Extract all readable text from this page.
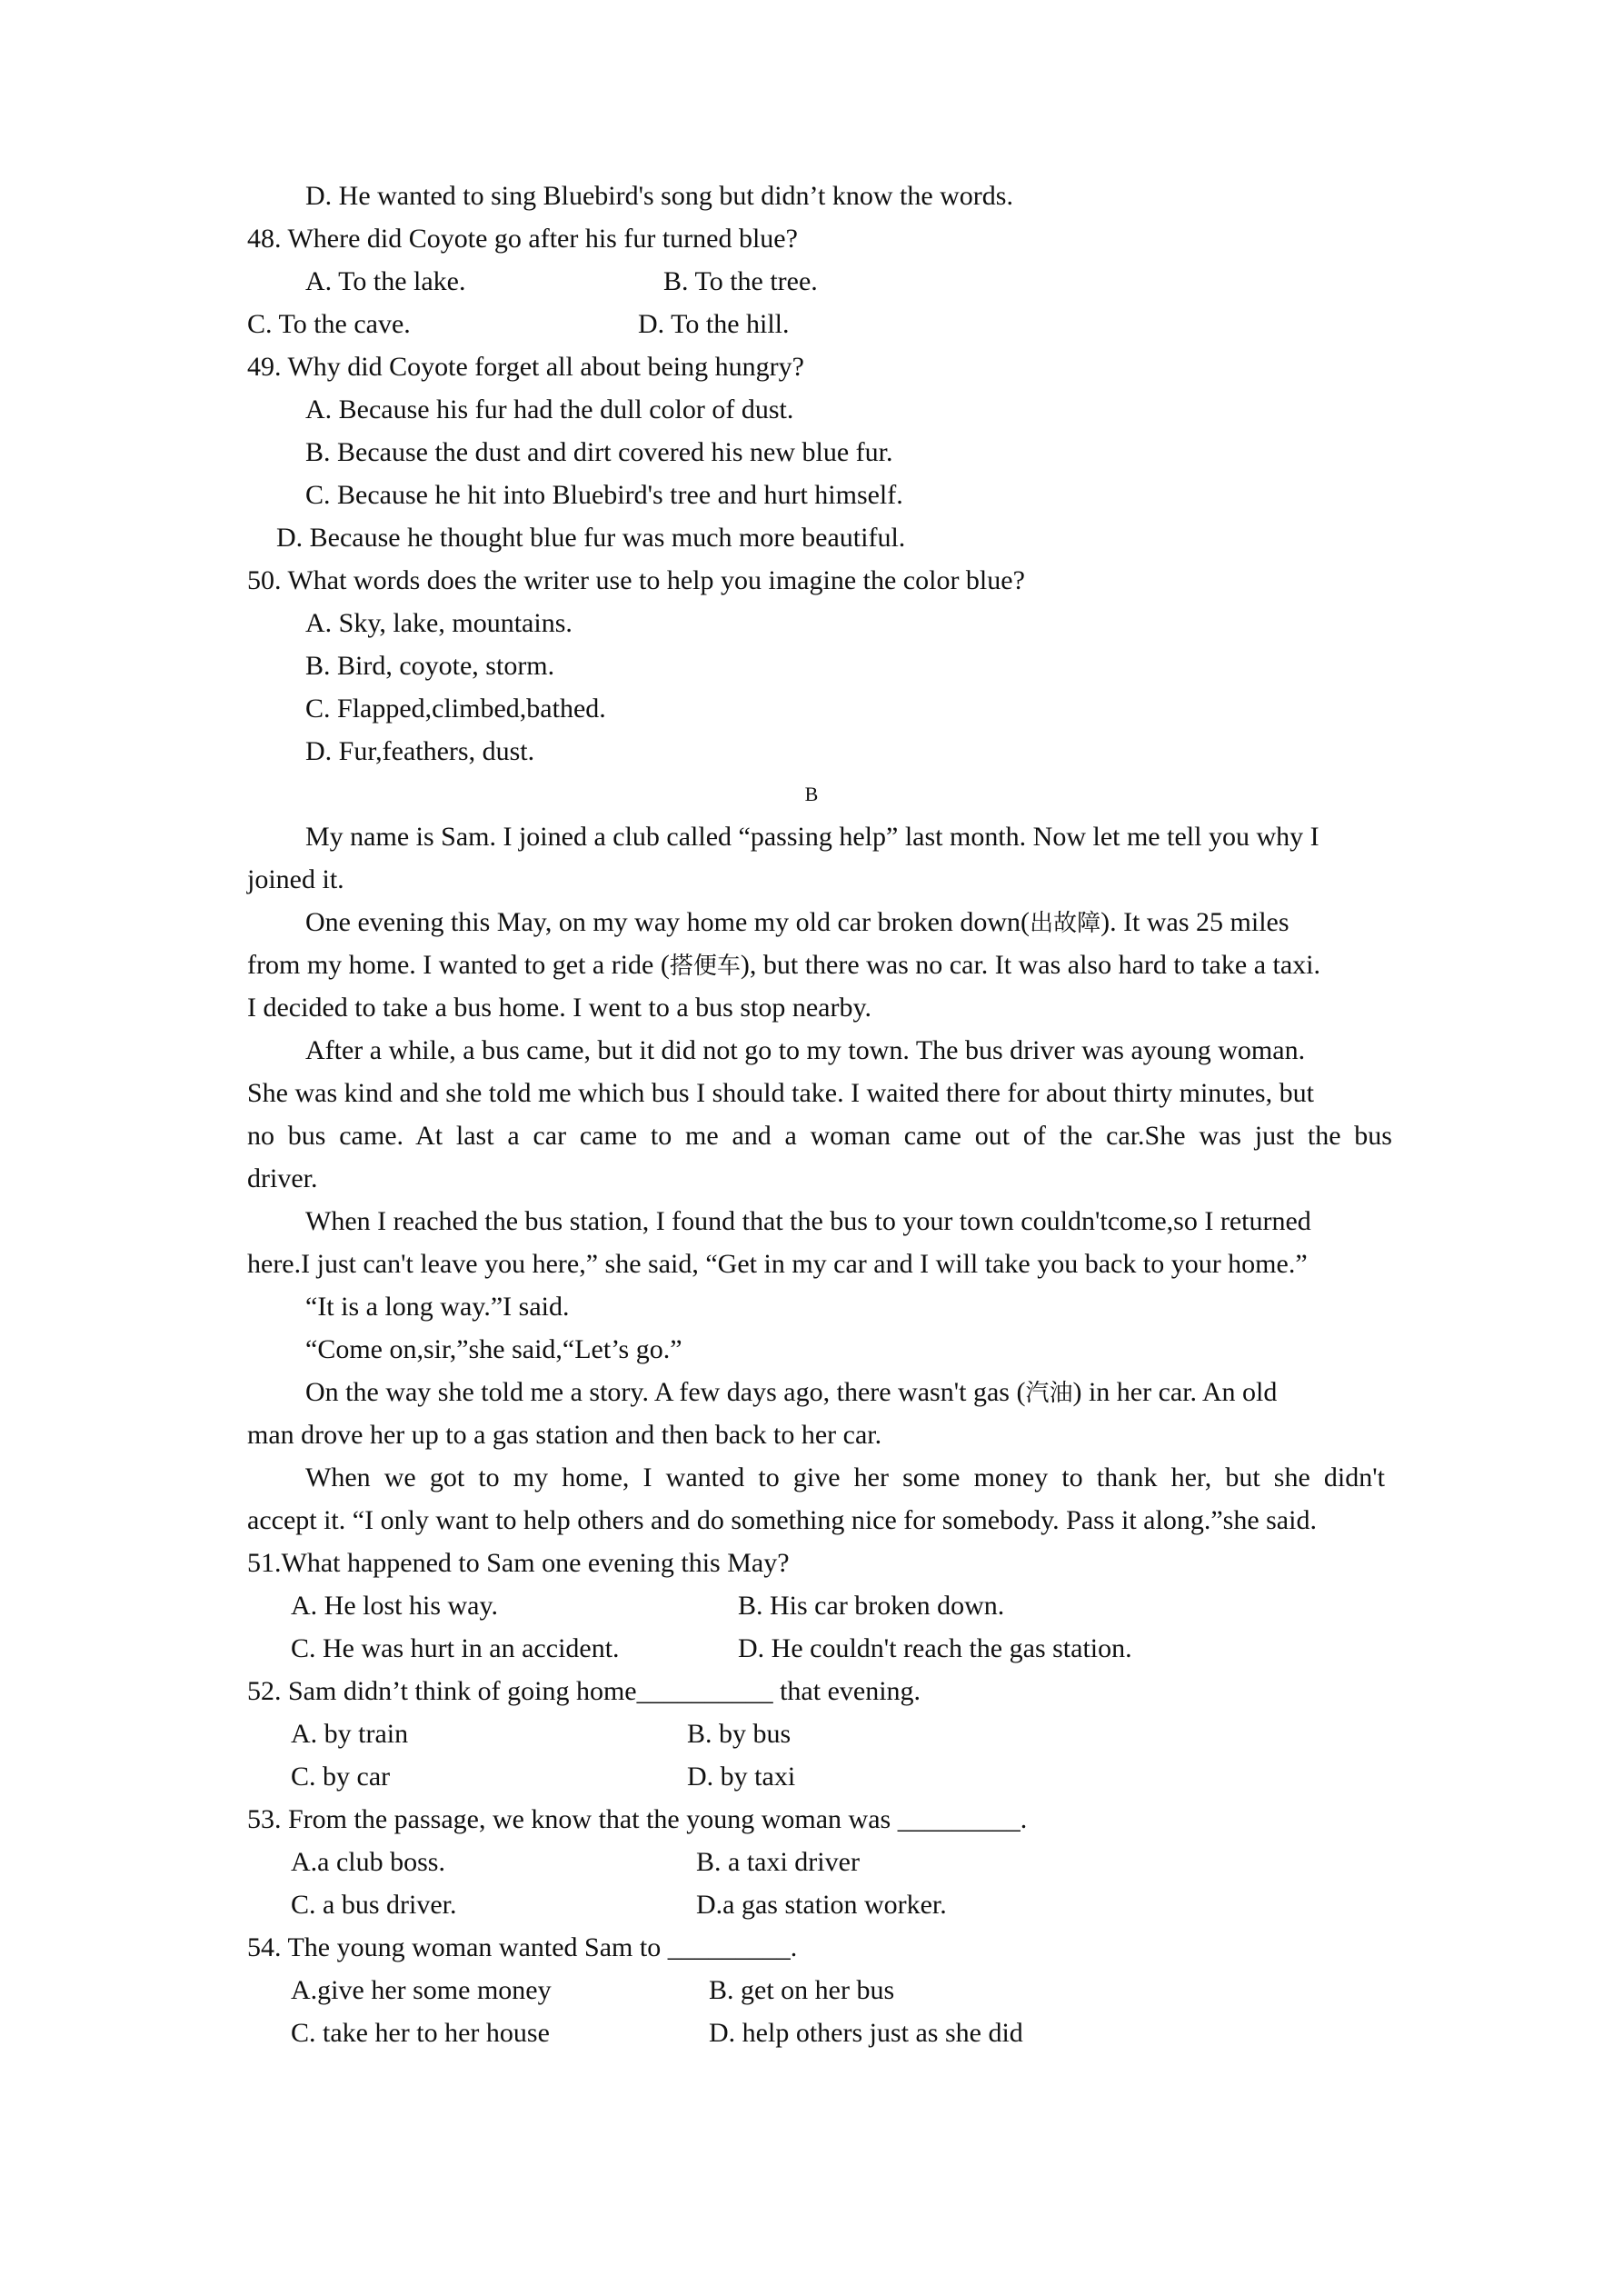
D. He wanted to sing Bluebird's song but didn’t know the words.
48. Where did Coyote go after his fur turned blue?
A. To the lake.	B. To the tree.
C. To the cave.	D. To the hill.
49. Why did Coyote forget all about being hungry?
A. Because his fur had the dull color of dust.
B. Because the dust and dirt covered his new blue fur.
C. Because he hit into Bluebird's tree and hurt himself.
D. Because he thought blue fur was much more beautiful.
50. What words does the writer use to help you imagine the color blue?
A. Sky, lake, mountains.
B. Bird, coyote, storm.
C. Flapped,climbed,bathed.
D. Fur,feathers, dust.
B
My name is Sam. I joined a club called “passing help” last month. Now let me tell you why I
joined it.
One evening this May, on my way home my old car broken down(出故障). It was 25 miles
from my home. I wanted to get a ride (搭便车), but there was no car. It was also hard to take a taxi.
I decided to take a bus home. I went to a bus stop nearby.
After a while, a bus came, but it did not go to my town. The bus driver was ayoung woman.
She was kind and she told me which bus I should take. I waited there for about thirty minutes, but
no bus came. At last a car came to me and a woman came out of the car.She was just the bus
driver.
When I reached the bus station, I found that the bus to your town couldn'tcome,so I returned
here.I just can't leave you here,” she said, “Get in my car and I will take you back to your home.”
“It is a long way.”I said.
“Come on,sir,”she said,“Let’s go.”
On the way she told me a story. A few days ago, there wasn't gas (汽油) in her car. An old
man drove her up to a gas station and then back to her car.
When we got to my home, I wanted to give her some money to thank her, but she didn't
accept it. “I only want to help others and do something nice for somebody. Pass it along.”she said.
51.What happened to Sam one evening this May?
A. He lost his way.	B. His car broken down.
C. He was hurt in an accident.	D. He couldn't reach the gas station.
52. Sam didn’t think of going home__________ that evening.
A. by train	B. by bus
C. by car	D. by taxi
53. From the passage, we know that the young woman was _________.
A.a club boss.	B. a taxi driver
C. a bus driver.	D.a gas station worker.
54. The young woman wanted Sam to _________.
A.give her some money	B. get on her bus
C. take her to her house	D. help others just as she did
